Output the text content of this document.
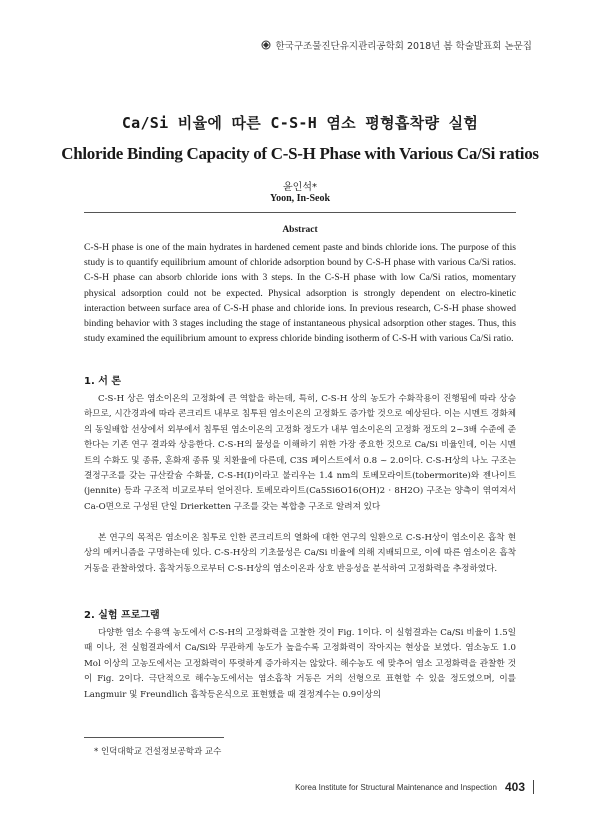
한국구조물진단유지관리공학회 2018년 봄 학술발표회 논문집
Ca/Si 비율에 따른 C-S-H 염소 평형흡착량 실험
Chloride Binding Capacity of C-S-H Phase with Various Ca/Si ratios
윤인석*
Yoon, In-Seok
Abstract

C-S-H phase is one of the main hydrates in hardened cement paste and binds chloride ions. The purpose of this study is to quantify equilibrium amount of chloride adsorption bound by C-S-H phase with various Ca/Si ratios. C-S-H phase can absorb chloride ions with 3 steps. In the C-S-H phase with low Ca/Si ratios, momentary physical adsorption could not be expected. Physical adsorption is strongly dependent on electro-kinetic interaction between surface area of C-S-H phase and chloride ions. In previous research, C-S-H phase showed binding behavior with 3 stages including the stage of instantaneous physical adsorption other stages. Thus, this study examined the equilibrium amount to express chloride binding isotherm of C-S-H with various Ca/Si ratio.

1. 서 론

C-S-H 상은 염소이온의 고정화에 큰 역할을 하는데, 특히, C-S-H 상의 농도가 수화작용이 진행됨에 따라 상승하므로, 시간경과에 따라 콘크리트 내부로 침투된 염소이온의 고정화도 증가할 것으로 예상된다. 이는 시멘트 경화체의 동일배합 선상에서 외부에서 침투된 염소이온의 고정화 정도가 내부 염소이온의 고정화 정도의 2~3배 수준에 준한다는 기존 연구 결과와 상응한다. C-S-H의 물성을 이해하기 위한 가장 중요한 것으로 Ca/Si 비율인데, 이는 시멘트의 수화도 및 종류, 혼화재 종류 및 치환율에 다른데, C3S 페이스트에서 0.8 ~ 2.0이다. C-S-H상의 나노 구조는 결정구조를 갖는 규산칼슘 수화물, C-S-H(I)이라고 불리우는 1.4 nm의 토베모라이트(tobermorite)와 젠나이트(jennite) 등과 구조적 비교로부터 얻어진다. 토베모라이트(Ca5Si6O16(OH)2 · 8H2O) 구조는 양측이 엮여져서 Ca-O면으로 구성된 단일 Drierketten 구조를 갖는 복합층 구조로 알려져 있다

본 연구의 목적은 염소이온 침투로 인한 콘크리트의 열화에 대한 연구의 일환으로 C-S-H상이 염소이온 흡착 현상의 메커니즘을 구명하는데 있다. C-S-H상의 기초물성은 Ca/Si 비율에 의해 지배되므로, 이에 따른 염소이온 흡착거동을 관찰하였다. 흡착거동으로부터 C-S-H상의 염소이온과 상호 반응성을 분석하여 고정화력을 추정하였다.

2. 실험 프로그램

다양한 염소 수용액 농도에서 C-S-H의 고정화력을 고찰한 것이 Fig. 1이다. 이 실험결과는 Ca/Si 비율이 1.5일 때 이나, 전 실험결과에서 Ca/Si와 무관하게 농도가 높을수록 고정화력이 작아지는 현상을 보였다. 염소농도 1.0 Mol 이상의 고농도에서는 고정화력이 뚜렷하게 증가하지는 않았다. 해수농도 에 맞추어 염소 고정화력을 관찰한 것이 Fig. 2이다. 극단적으로 해수농도에서는 염소흡착 거동은 거의 선형으로 표현할 수 있을 정도였으며, 이를 Langmuir 및 Freundlich 흡착등온식으로 표현했을 때 결정계수는 0.9이상의

* 인덕대학교 건설정보공학과 교수
Korea Institute for Structural Maintenance and Inspection 403
